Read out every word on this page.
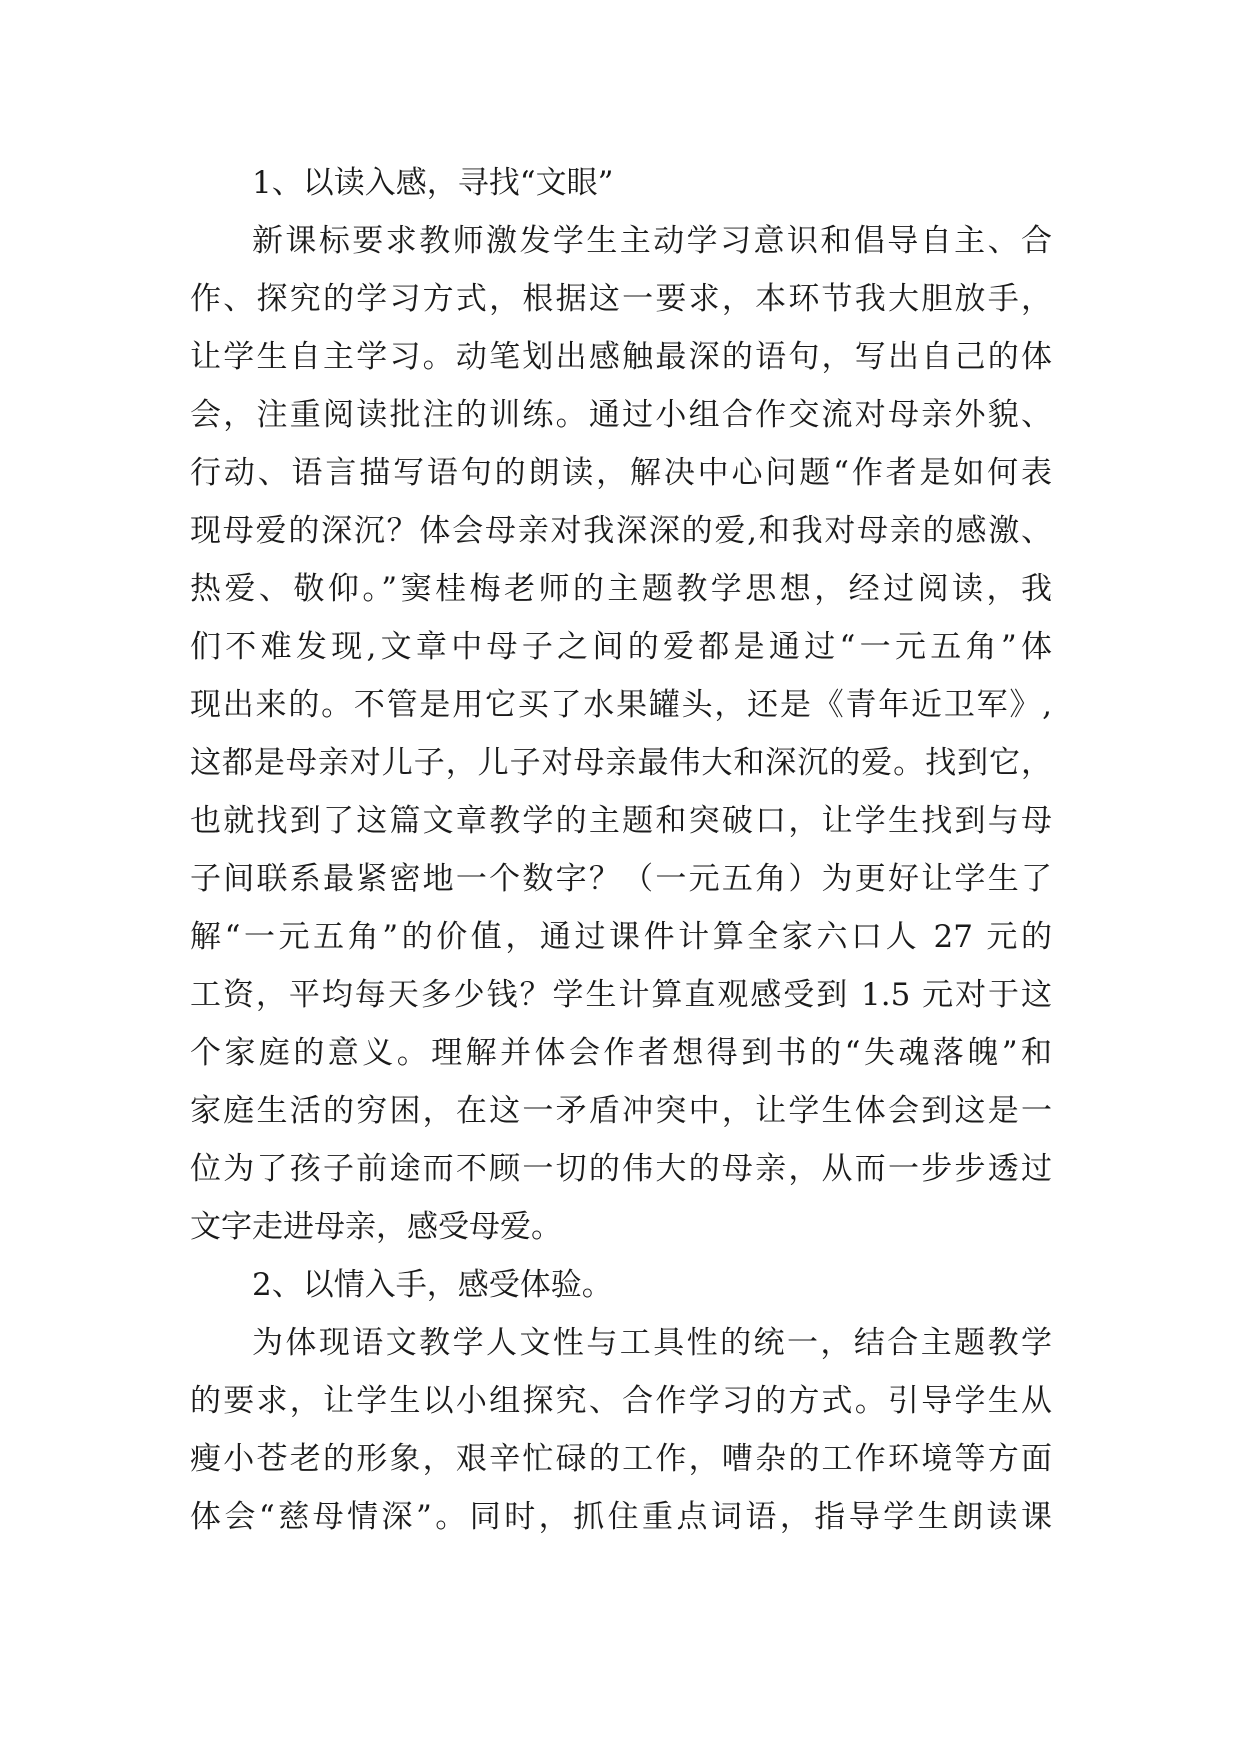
1、以读入感，寻找“文眼”
新课标要求教师激发学生主动学习意识和倡导自主、合
作、探究的学习方式，根据这一要求，本环节我大胆放手，
让学生自主学习。动笔划出感触最深的语句，写出自己的体
会，注重阅读批注的训练。通过小组合作交流对母亲外貌、
行动、语言描写语句的朗读，解决中心问题“作者是如何表
现母爱的深沉？体会母亲对我深深的爱,和我对母亲的感激、
热爱、敬仰。”窦桂梅老师的主题教学思想，经过阅读，我
们不难发现,文章中母子之间的爱都是通过“一元五角”体
现出来的。不管是用它买了水果罐头，还是《青年近卫军》,
这都是母亲对儿子，儿子对母亲最伟大和深沉的爱。找到它，
也就找到了这篇文章教学的主题和突破口，让学生找到与母
子间联系最紧密地一个数字？（一元五角）为更好让学生了
解“一元五角”的价值，通过课件计算全家六口人 27 元的
工资，平均每天多少钱？学生计算直观感受到 1.5 元对于这
个家庭的意义。理解并体会作者想得到书的“失魂落魄”和
家庭生活的穷困，在这一矛盾冲突中，让学生体会到这是一
位为了孩子前途而不顾一切的伟大的母亲，从而一步步透过
文字走进母亲，感受母爱。
2、以情入手，感受体验。
为体现语文教学人文性与工具性的统一，结合主题教学
的要求，让学生以小组探究、合作学习的方式。引导学生从
瘦小苍老的形象，艰辛忙碌的工作，嘈杂的工作环境等方面
体会“慈母情深”。同时，抓住重点词语，指导学生朗读课
